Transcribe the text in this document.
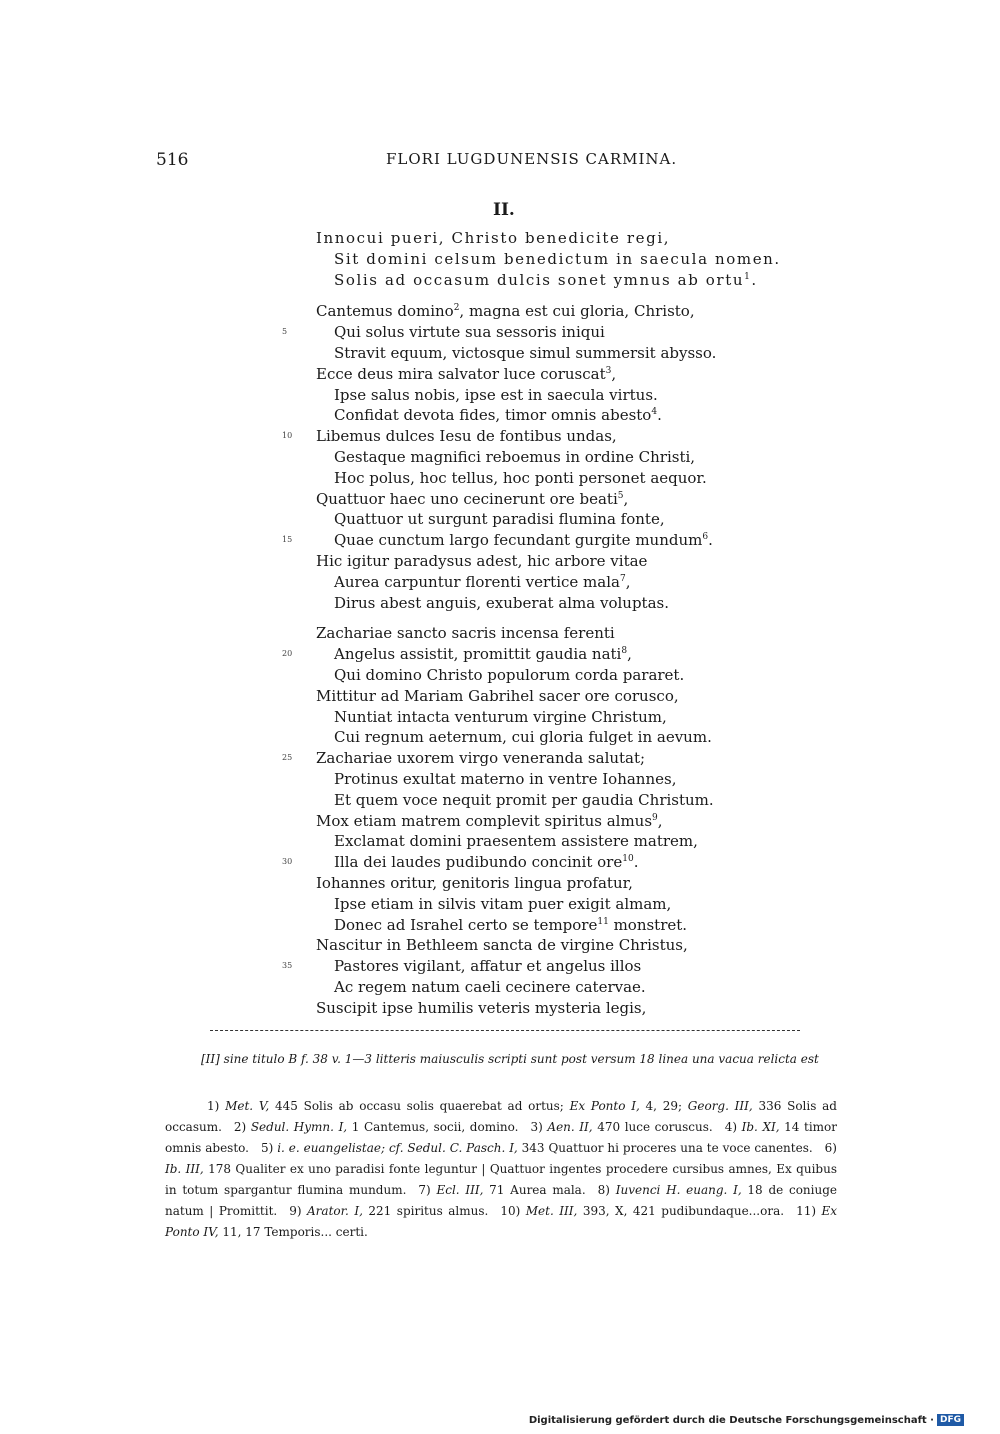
516	FLORI LUGDUNENSIS CARMINA.
II.
Innocui pueri, Christo benedicite regi,
Sit domini celsum benedictum in saecula nomen.
Solis ad occasum dulcis sonet ymnus ab ortu$^1$.
Cantemus domino$^2$, magna est cui gloria, Christo,
Qui solus virtute sua sessoris iniqui
5
Stravit equum, victosque simul summersit abysso.
Ecce deus mira salvator luce coruscat$^3$,
Ipse salus nobis, ipse est in saecula virtus.
Confidat devota fides, timor omnis abesto$^4$.
Libemus dulces Iesu de fontibus undas,
10
Gestaque magnifici reboemus in ordine Christi,
Hoc polus, hoc tellus, hoc ponti personet aequor.
Quattuor haec uno cecinerunt ore beati$^5$,
Quattuor ut surgunt paradisi flumina fonte,
Quae cunctum largo fecundant gurgite mundum$^6$.
15
Hic igitur paradysus adest, hic arbore vitae
Aurea carpuntur florenti vertice mala$^7$,
Dirus abest anguis, exuberat alma voluptas.
Zachariae sancto sacris incensa ferenti
Angelus assistit, promittit gaudia nati$^8$,
20
Qui domino Christo populorum corda pararet.
Mittitur ad Mariam Gabrihel sacer ore corusco,
Nuntiat intacta venturum virgine Christum,
Cui regnum aeternum, cui gloria fulget in aevum.
Zachariae uxorem virgo veneranda salutat;
25
Protinus exultat materno in ventre Iohannes,
Et quem voce nequit promit per gaudia Christum.
Mox etiam matrem complevit spiritus almus$^9$,
Exclamat domini praesentem assistere matrem,
Illa dei laudes pudibundo concinit ore$^{10}$.
30
Iohannes oritur, genitoris lingua profatur,
Ipse etiam in silvis vitam puer exigit almam,
Donec ad Israhel certo se tempore$^{11}$ monstret.
Nascitur in Bethleem sancta de virgine Christus,
Pastores vigilant, affatur et angelus illos
35
Ac regem natum caeli cecinere catervae.
Suscipit ipse humilis veteris mysteria legis,
[II] sine titulo B f. 38 v. 1—3 litteris maiusculis scripti sunt post versum 18 linea una vacua relicta est
1) Met. V, 445 Solis ab occasu solis quaerebat ad ortus; Ex Ponto I, 4, 29; Georg. III, 336 Solis ad occasum. 2) Sedul. Hymn. I, 1 Cantemus, socii, domino. 3) Aen. II, 470 luce coruscus. 4) Ib. XI, 14 timor omnis abesto. 5) i. e. euangelistae; cf. Sedul. C. Pasch. I, 343 Quattuor hi proceres una te voce canentes. 6) Ib. III, 178 Qualiter ex uno paradisi fonte leguntur | Quattuor ingentes procedere cursibus amnes, Ex quibus in totum spargantur flumina mundum. 7) Ecl. III, 71 Aurea mala. 8) Iuvenci H. euang. I, 18 de coniuge natum | Promittit. 9) Arator. I, 221 spiritus almus. 10) Met. III, 393, X, 421 pudibundaque...ora. 11) Ex Ponto IV, 11, 17 Temporis... certi.
Digitalisierung gefördert durch die Deutsche Forschungsgemeinschaft · DFG
